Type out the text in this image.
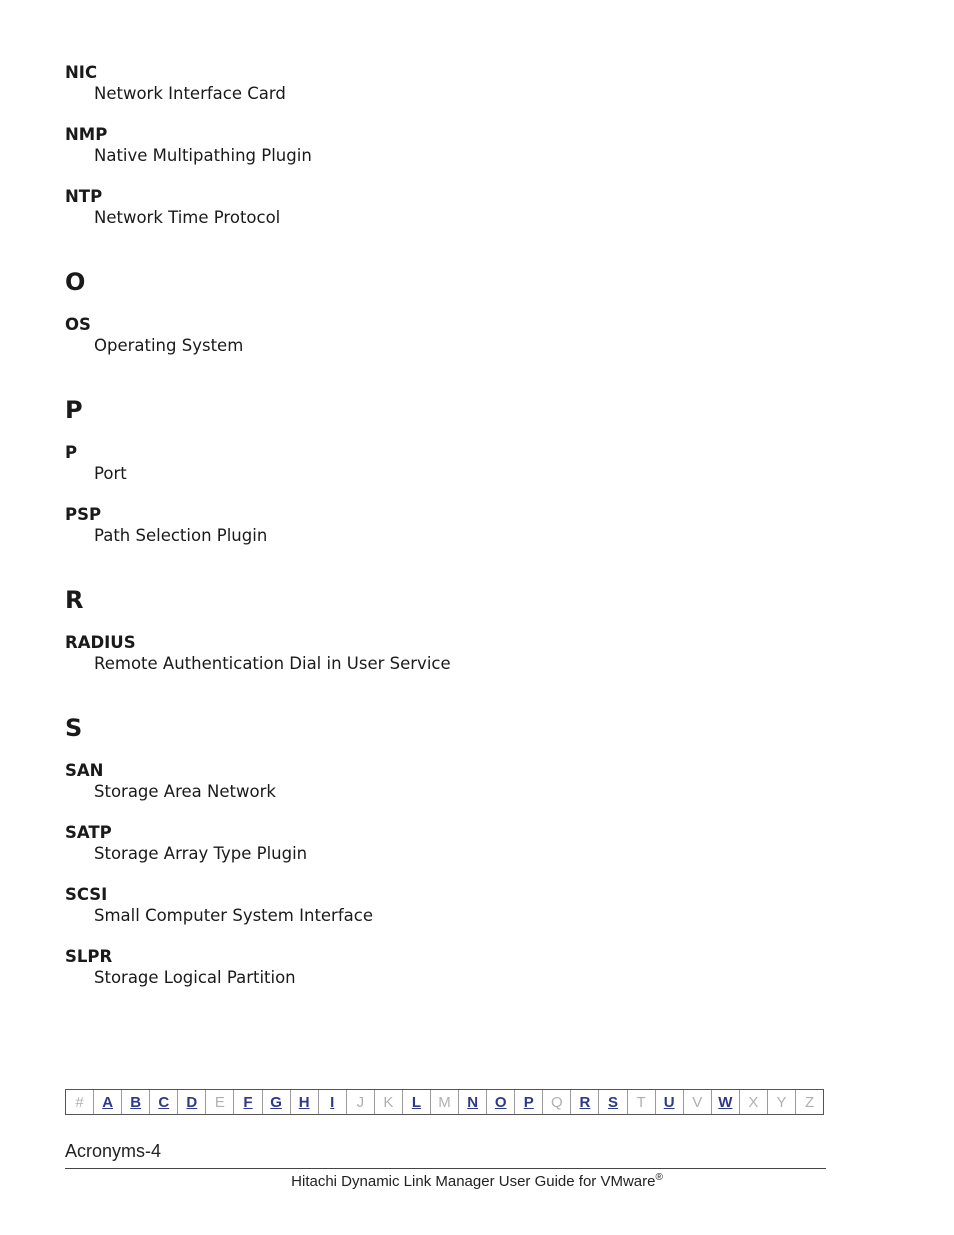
NIC
Network Interface Card
NMP
Native Multipathing Plugin
NTP
Network Time Protocol
O
OS
Operating System
P
P
Port
PSP
Path Selection Plugin
R
RADIUS
Remote Authentication Dial in User Service
S
SAN
Storage Area Network
SATP
Storage Array Type Plugin
SCSI
Small Computer System Interface
SLPR
Storage Logical Partition
#	A	B	C	D	E	F	G	H	I	J	K	L	M	N	O	P	Q	R	S	T	U	V	W	X	Y	Z
Acronyms-4
Hitachi Dynamic Link Manager User Guide for VMware®
